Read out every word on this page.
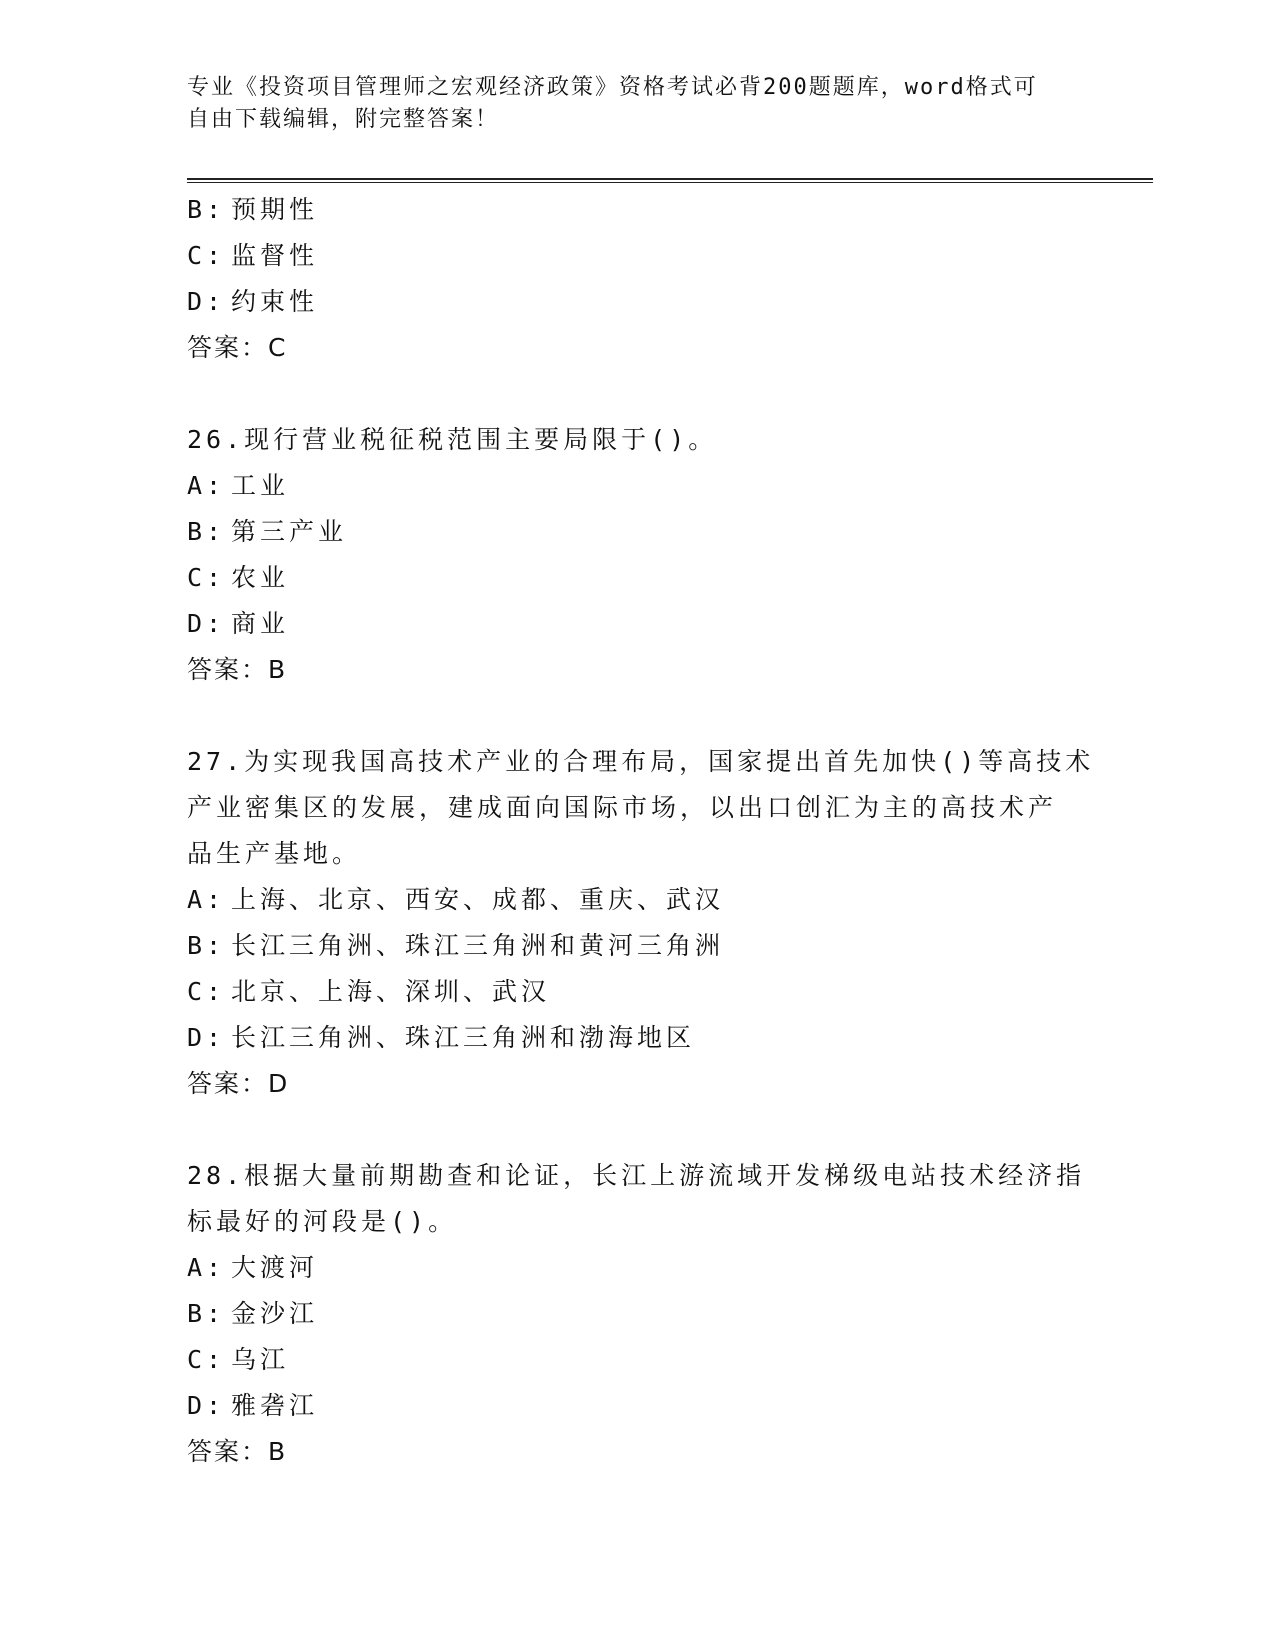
专业《投资项目管理师之宏观经济政策》资格考试必背200题题库，word格式可
自由下载编辑，附完整答案！
B: 预期性
C: 监督性
D: 约束性
答案：C
26.现行营业税征税范围主要局限于()。
A: 工业
B: 第三产业
C: 农业
D: 商业
答案：B
27.为实现我国高技术产业的合理布局，国家提出首先加快()等高技术
产业密集区的发展，建成面向国际市场，以出口创汇为主的高技术产
品生产基地。
A: 上海、北京、西安、成都、重庆、武汉
B: 长江三角洲、珠江三角洲和黄河三角洲
C: 北京、上海、深圳、武汉
D: 长江三角洲、珠江三角洲和渤海地区
答案：D
28.根据大量前期勘查和论证，长江上游流域开发梯级电站技术经济指
标最好的河段是()。
A: 大渡河
B: 金沙江
C: 乌江
D: 雅砻江
答案：B
